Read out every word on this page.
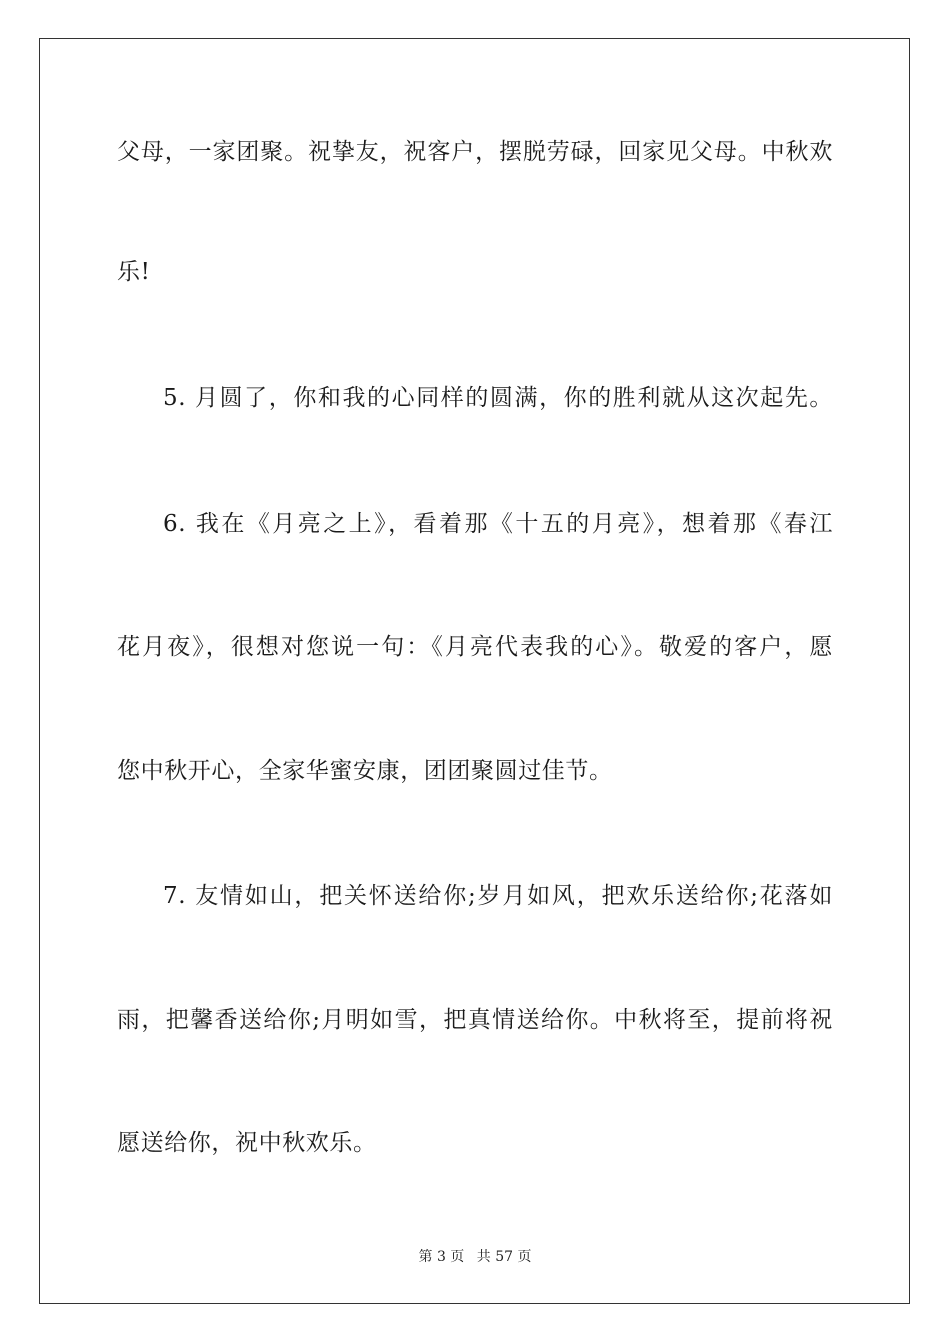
父母，一家团聚。祝挚友，祝客户，摆脱劳碌，回家见父母。中秋欢
乐!
5. 月圆了，你和我的心同样的圆满，你的胜利就从这次起先。
6. 我在《月亮之上》，看着那《十五的月亮》，想着那《春江
花月夜》，很想对您说一句：《月亮代表我的心》。敬爱的客户，愿
您中秋开心，全家华蜜安康，团团聚圆过佳节。
7. 友情如山，把关怀送给你;岁月如风，把欢乐送给你;花落如
雨，把馨香送给你;月明如雪，把真情送给你。中秋将至，提前将祝
愿送给你，祝中秋欢乐。
第 3 页 共 57 页
